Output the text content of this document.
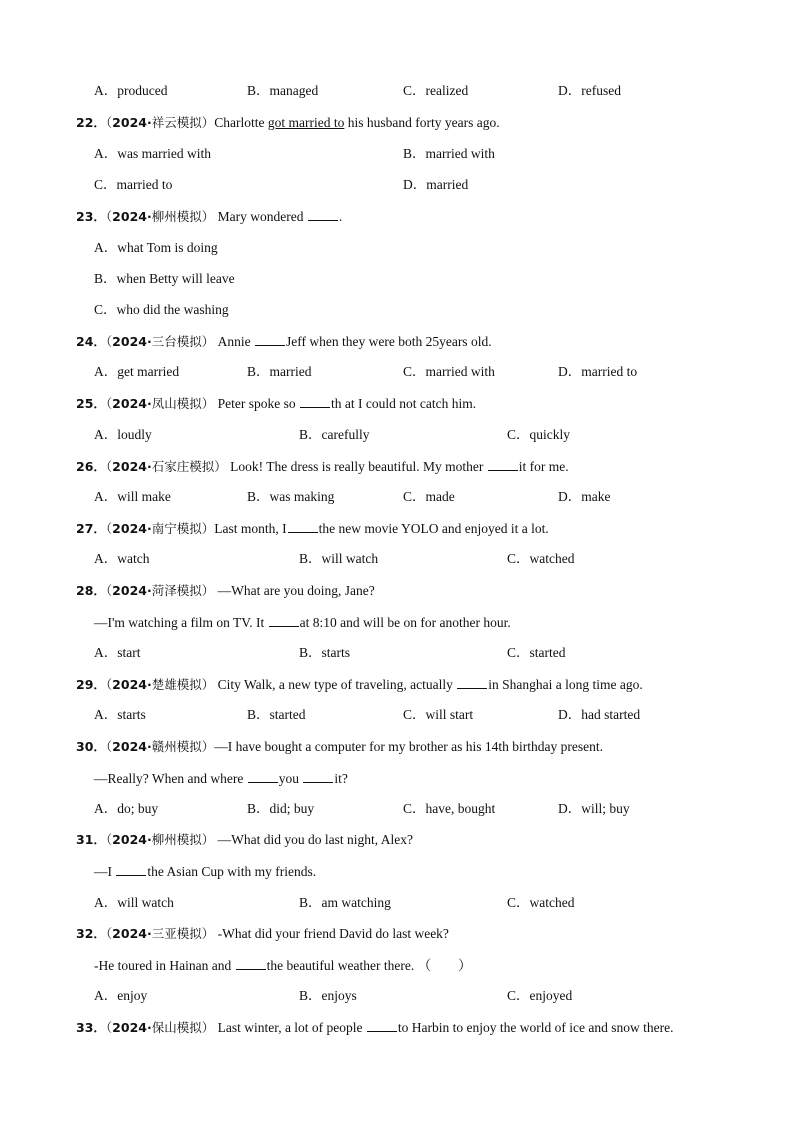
A．produced	B．managed	C．realized	D．refused
22．（2024·祥云模拟）Charlotte got married to his husband forty years ago.
A．was married with	B．married with
C．married to	D．married
23．（2024·柳州模拟） Mary wondered .
A．what Tom is doing
B．when Betty will leave
C．who did the washing
24．（2024·三台模拟） Annie Jeff when they were both 25years old.
A．get married	B．married	C．married with	D．married to
25．（2024·凤山模拟） Peter spoke so th at I could not catch him.
A．loudly	B．carefully	C．quickly
26．（2024·石家庄模拟） Look! The dress is really beautiful. My mother it for me.
A．will make	B．was making	C．made	D．make
27．（2024·南宁模拟）Last month, I the new movie YOLO and enjoyed it a lot.
A．watch	B．will watch	C．watched
28．（2024·菏泽模拟） —What are you doing, Jane?
—I'm watching a film on TV. It at 8:10 and will be on for another hour.
A．start	B．starts	C．started
29．（2024·楚雄模拟） City Walk, a new type of traveling, actually in Shanghai a long time ago.
A．starts	B．started	C．will start	D．had started
30．（2024·赣州模拟）—I have bought a computer for my brother as his 14th birthday present.
—Really? When and where you it?
A．do; buy	B．did; buy	C．have, bought	D．will; buy
31．（2024·柳州模拟） —What did you do last night, Alex?
—I the Asian Cup with my friends.
A．will watch	B．am watching	C．watched
32．（2024·三亚模拟） -What did your friend David do last week?
-He toured in Hainan and the beautiful weather there. （　　）
A．enjoy	B．enjoys	C．enjoyed
33．（2024·保山模拟） Last winter, a lot of people to Harbin to enjoy the world of ice and snow there.
